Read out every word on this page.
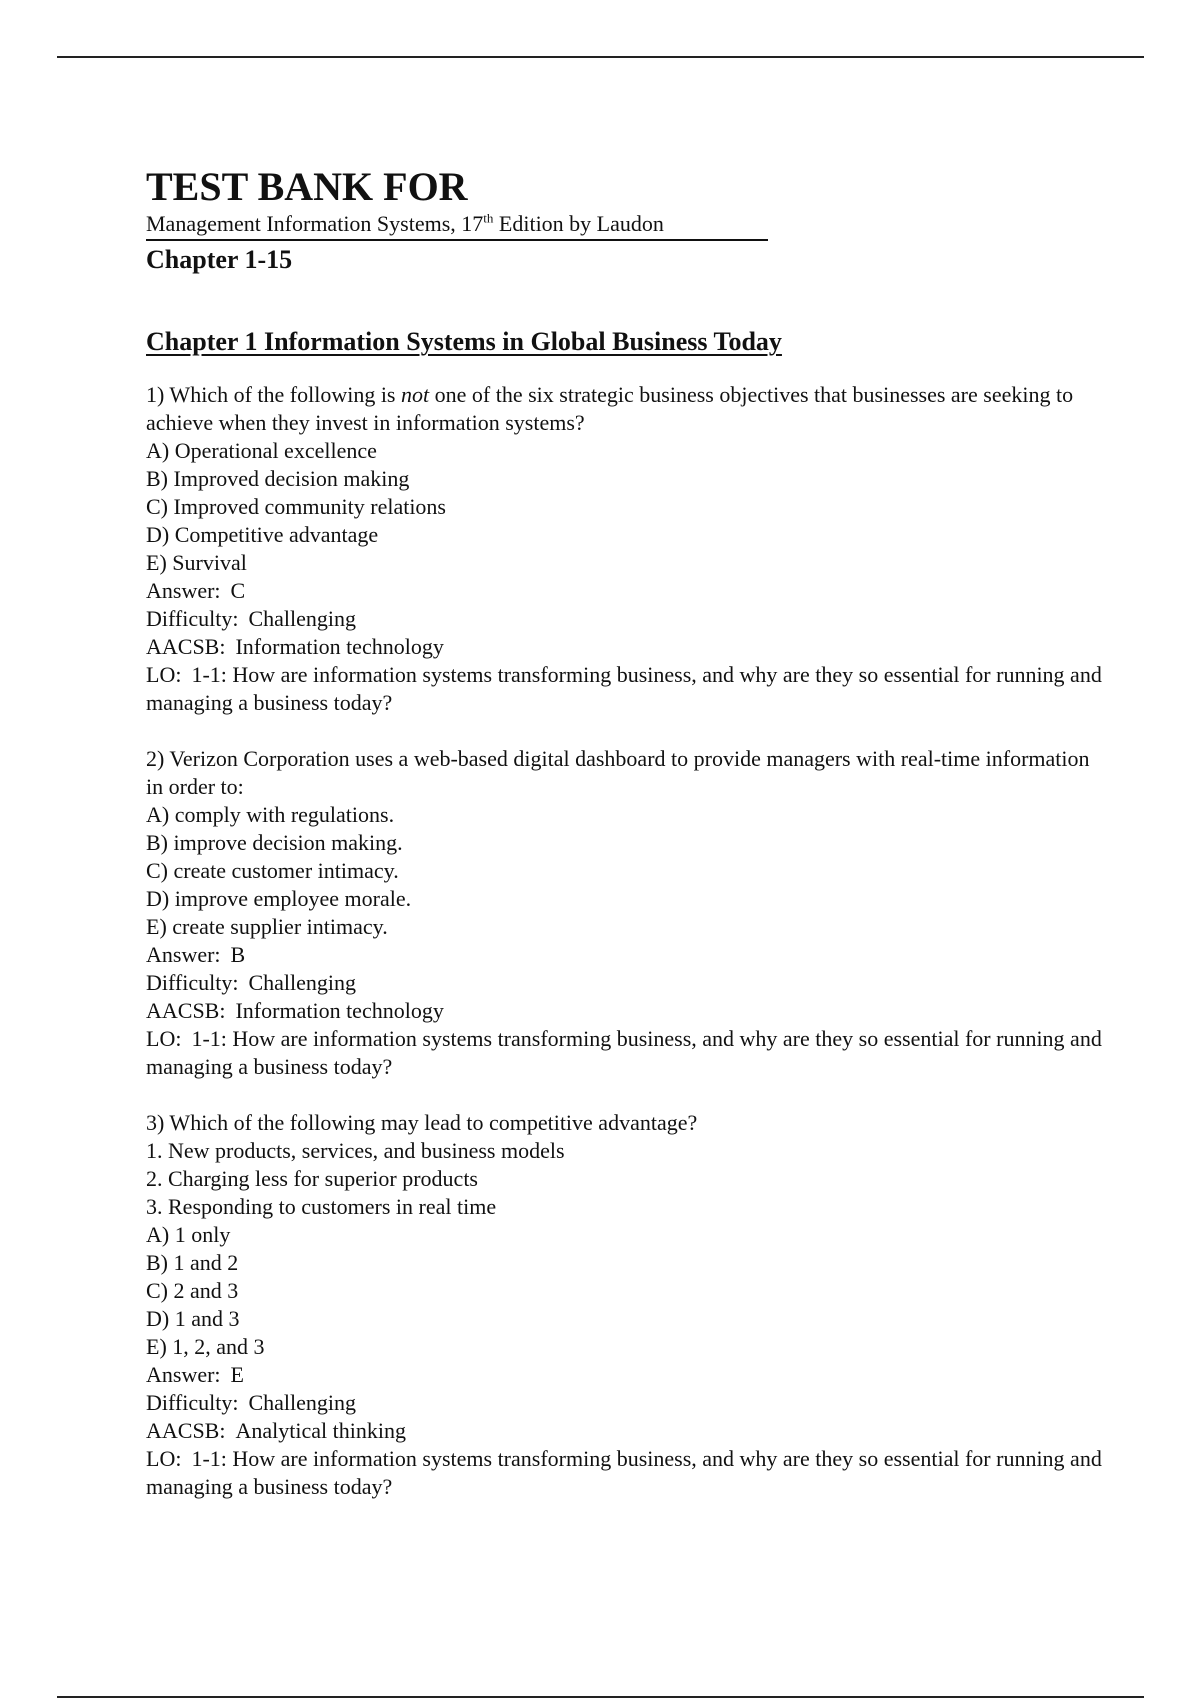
TEST BANK FOR
Management Information Systems, 17th Edition by Laudon
Chapter 1-15
Chapter 1 Information Systems in Global Business Today
1) Which of the following is not one of the six strategic business objectives that businesses are seeking to achieve when they invest in information systems?
A) Operational excellence
B) Improved decision making
C) Improved community relations
D) Competitive advantage
E) Survival
Answer: C
Difficulty: Challenging
AACSB: Information technology
LO: 1-1: How are information systems transforming business, and why are they so essential for running and managing a business today?
2) Verizon Corporation uses a web-based digital dashboard to provide managers with real-time information in order to:
A) comply with regulations.
B) improve decision making.
C) create customer intimacy.
D) improve employee morale.
E) create supplier intimacy.
Answer: B
Difficulty: Challenging
AACSB: Information technology
LO: 1-1: How are information systems transforming business, and why are they so essential for running and managing a business today?
3) Which of the following may lead to competitive advantage?
1. New products, services, and business models
2. Charging less for superior products
3. Responding to customers in real time
A) 1 only
B) 1 and 2
C) 2 and 3
D) 1 and 3
E) 1, 2, and 3
Answer: E
Difficulty: Challenging
AACSB: Analytical thinking
LO: 1-1: How are information systems transforming business, and why are they so essential for running and managing a business today?
